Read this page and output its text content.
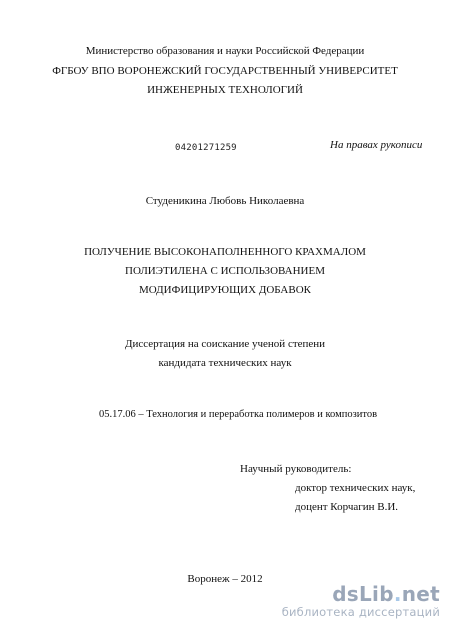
Министерство образования и науки Российской Федерации
ФГБОУ ВПО ВОРОНЕЖСКИЙ ГОСУДАРСТВЕННЫЙ УНИВЕРСИТЕТ
ИНЖЕНЕРНЫХ ТЕХНОЛОГИЙ
04201271259	На правах рукописи
Студеникина Любовь Николаевна
ПОЛУЧЕНИЕ ВЫСОКОНАПОЛНЕННОГО КРАХМАЛОМ
ПОЛИЭТИЛЕНА С ИСПОЛЬЗОВАНИЕМ
МОДИФИЦИРУЮЩИХ ДОБАВОК
Диссертация на соискание ученой степени
кандидата технических наук
05.17.06 – Технология и переработка полимеров и композитов
Научный руководитель:
доктор технических наук,
доцент Корчагин В.И.
Воронеж – 2012
dsLib.net
библиотека диссертаций
